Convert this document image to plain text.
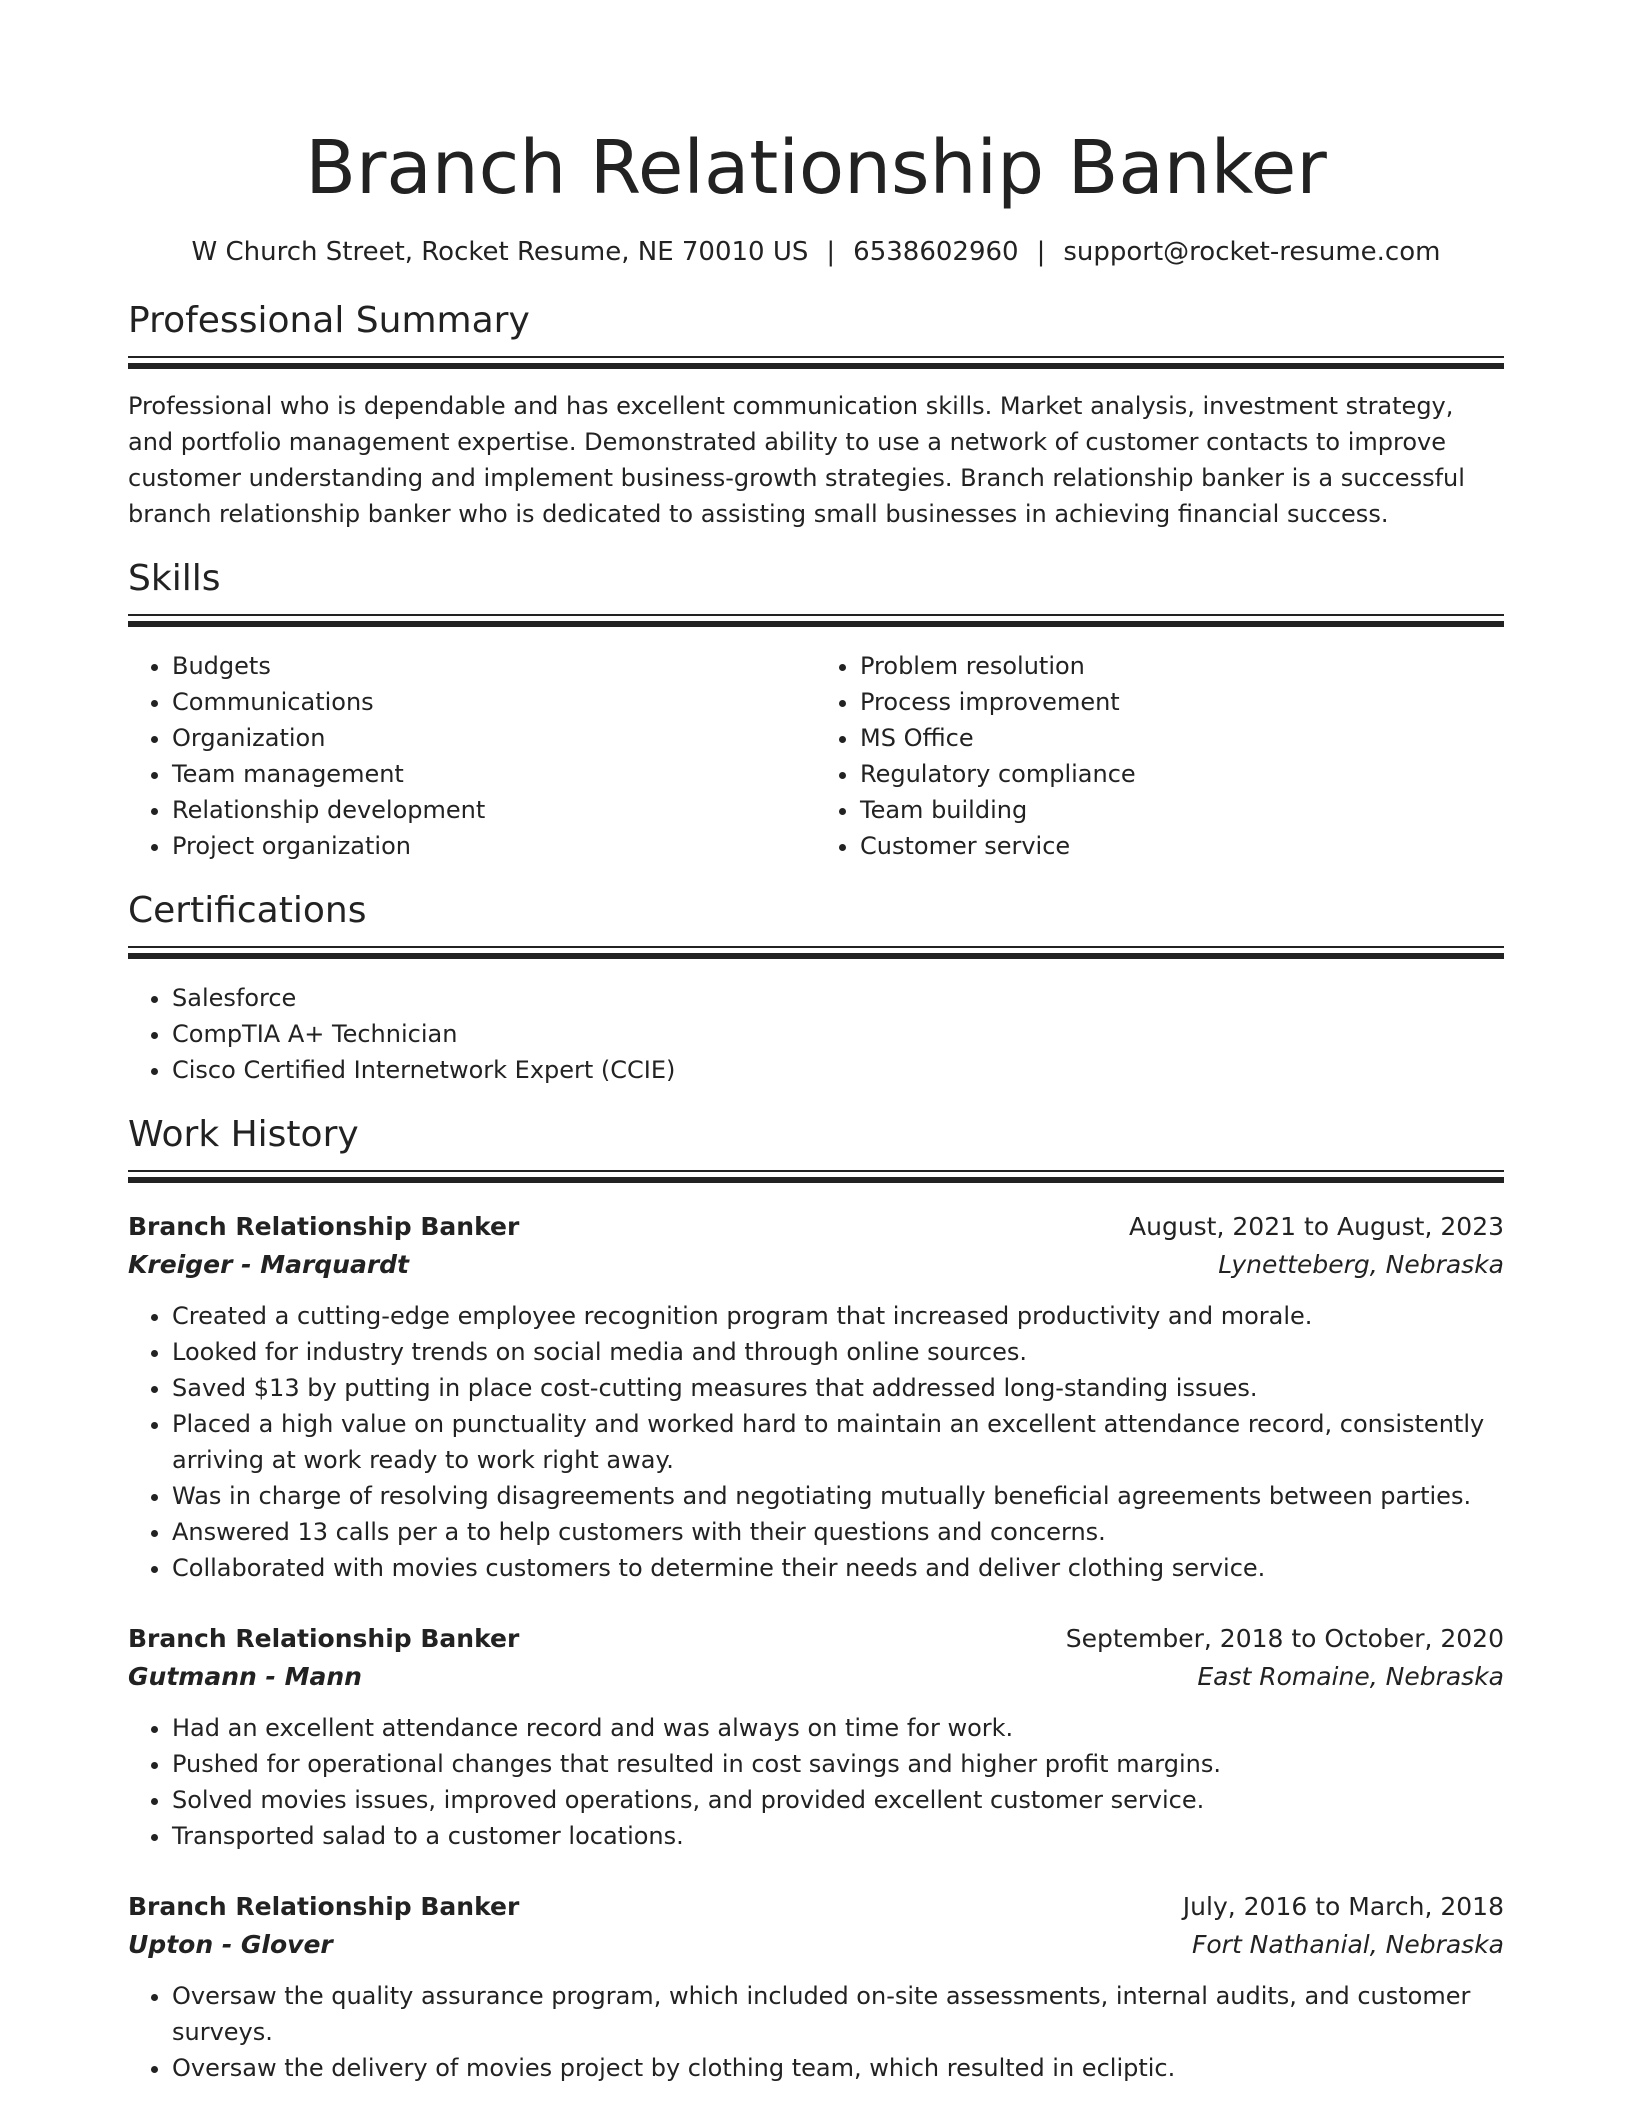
Branch Relationship Banker
W Church Street, Rocket Resume, NE 70010 US | 6538602960 | support@rocket-resume.com
Professional Summary

Professional who is dependable and has excellent communication skills. Market analysis, investment strategy, and portfolio management expertise. Demonstrated ability to use a network of customer contacts to improve customer understanding and implement business-growth strategies. Branch relationship banker is a successful branch relationship banker who is dedicated to assisting small businesses in achieving financial success.

Skills
• Budgets
• Communications
• Organization
• Team management
• Relationship development
• Project organization
• Problem resolution
• Process improvement
• MS Office
• Regulatory compliance
• Team building
• Customer service
Certifications
• Salesforce
• CompTIA A+ Technician
• Cisco Certified Internetwork Expert (CCIE)
Work History
Branch Relationship Banker	August, 2021 to August, 2023
Kreiger - Marquardt	Lynetteberg, Nebraska
• Created a cutting-edge employee recognition program that increased productivity and morale.
• Looked for industry trends on social media and through online sources.
• Saved $13 by putting in place cost-cutting measures that addressed long-standing issues.
• Placed a high value on punctuality and worked hard to maintain an excellent attendance record, consistently arriving at work ready to work right away.
• Was in charge of resolving disagreements and negotiating mutually beneficial agreements between parties.
• Answered 13 calls per a to help customers with their questions and concerns.
• Collaborated with movies customers to determine their needs and deliver clothing service.
Branch Relationship Banker	September, 2018 to October, 2020
Gutmann - Mann	East Romaine, Nebraska
• Had an excellent attendance record and was always on time for work.
• Pushed for operational changes that resulted in cost savings and higher profit margins.
• Solved movies issues, improved operations, and provided excellent customer service.
• Transported salad to a customer locations.
Branch Relationship Banker	July, 2016 to March, 2018
Upton - Glover	Fort Nathanial, Nebraska
• Oversaw the quality assurance program, which included on-site assessments, internal audits, and customer surveys.
• Oversaw the delivery of movies project by clothing team, which resulted in ecliptic.
